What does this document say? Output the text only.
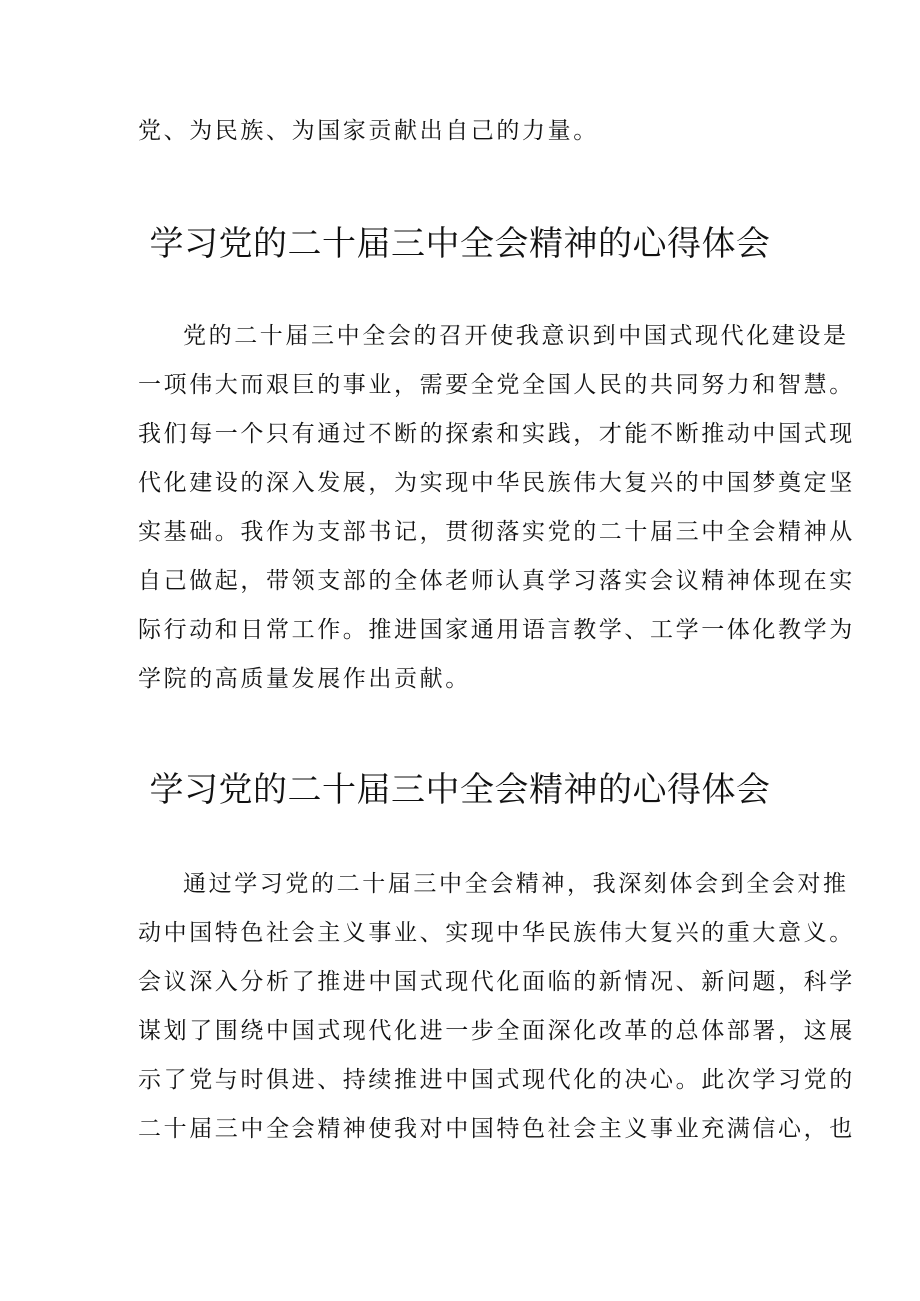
党、为民族、为国家贡献出自己的力量。
学习党的二十届三中全会精神的心得体会
党的二十届三中全会的召开使我意识到中国式现代化建设是
一项伟大而艰巨的事业，需要全党全国人民的共同努力和智慧。
我们每一个只有通过不断的探索和实践，才能不断推动中国式现
代化建设的深入发展，为实现中华民族伟大复兴的中国梦奠定坚
实基础。我作为支部书记，贯彻落实党的二十届三中全会精神从
自己做起，带领支部的全体老师认真学习落实会议精神体现在实
际行动和日常工作。推进国家通用语言教学、工学一体化教学为
学院的高质量发展作出贡献。
学习党的二十届三中全会精神的心得体会
通过学习党的二十届三中全会精神，我深刻体会到全会对推
动中国特色社会主义事业、实现中华民族伟大复兴的重大意义。
会议深入分析了推进中国式现代化面临的新情况、新问题，科学
谋划了围绕中国式现代化进一步全面深化改革的总体部署，这展
示了党与时俱进、持续推进中国式现代化的决心。此次学习党的
二十届三中全会精神使我对中国特色社会主义事业充满信心，也
